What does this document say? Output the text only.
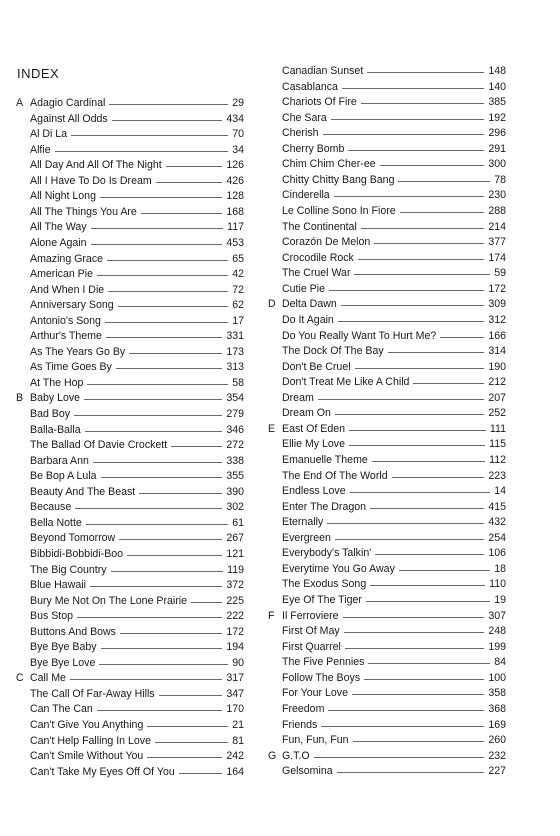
INDEX
A Adagio Cardinal	29
Against All Odds	434
Al Di La	70
Alfie	34
All Day And All Of The Night	126
All I Have To Do Is Dream	426
All Night Long	128
All The Things You Are	168
All The Way	117
Alone Again	453
Amazing Grace	65
American Pie	42
And When I Die	72
Anniversary Song	62
Antonio's Song	17
Arthur's Theme	331
As The Years Go By	173
As Time Goes By	313
At The Hop	58
B Baby Love	354
Bad Boy	279
Balla-Balla	346
The Ballad Of Davie Crockett	272
Barbara Ann	338
Be Bop A Lula	355
Beauty And The Beast	390
Because	302
Bella Notte	61
Beyond Tomorrow	267
Bibbidi-Bobbidi-Boo	121
The Big Country	119
Blue Hawaii	372
Bury Me Not On The Lone Prairie	225
Bus Stop	222
Buttons And Bows	172
Bye Bye Baby	194
Bye Bye Love	90
C Call Me	317
The Call Of Far-Away Hills	347
Can The Can	170
Can't Give You Anything	21
Can't Help Falling In Love	81
Can't Smile Without You	242
Can't Take My Eyes Off Of You	164
Canadian Sunset	148
Casablanca	140
Chariots Of Fire	385
Che Sara	192
Cherish	296
Cherry Bomb	291
Chim Chim Cher-ee	300
Chitty Chitty Bang Bang	78
Cinderella	230
Le Colline Sono In Fiore	288
The Continental	214
Corazón De Melon	377
Crocodile Rock	174
The Cruel War	59
Cutie Pie	172
D Delta Dawn	309
Do It Again	312
Do You Really Want To Hurt Me?	166
The Dock Of The Bay	314
Don't Be Cruel	190
Don't Treat Me Like A Child	212
Dream	207
Dream On	252
E East Of Eden	111
Ellie My Love	115
Emanuelle Theme	112
The End Of The World	223
Endless Love	14
Enter The Dragon	415
Eternally	432
Evergreen	254
Everybody's Talkin'	106
Everytime You Go Away	18
The Exodus Song	110
Eye Of The Tiger	19
F Il Ferroviere	307
First Of May	248
First Quarrel	199
The Five Pennies	84
Follow The Boys	100
For Your Love	358
Freedom	368
Friends	169
Fun, Fun, Fun	260
G G.T.O	232
Gelsomina	227
